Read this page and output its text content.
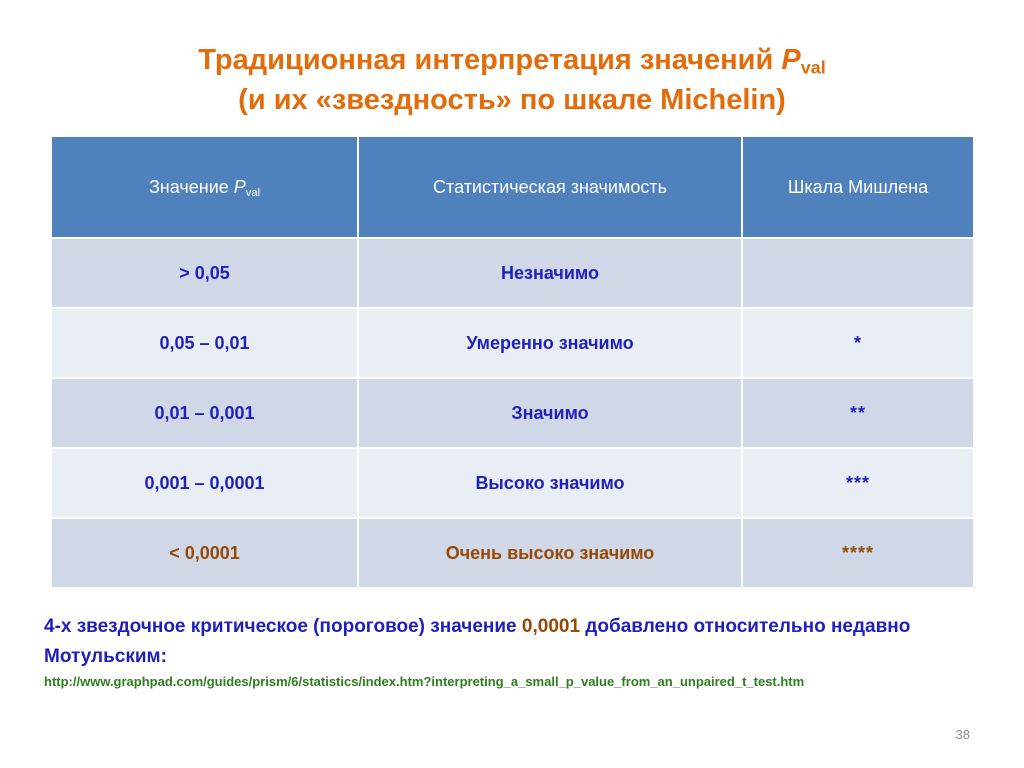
Традиционная интерпретация значений $P_{val}$
(и их «звездность» по шкале Michelin)
Значение $P_{val}$	Статистическая значимость	Шкала Мишлена
> 0,05	Незначимо	
0,05 – 0,01	Умеренно значимо	*
0,01 – 0,001	Значимо	**
0,001 – 0,0001	Высоко значимо	***
< 0,0001	Очень высоко значимо	****
4-х звездочное критическое (пороговое) значение 0,0001 добавлено относительно недавно Мотульским:
http://www.graphpad.com/guides/prism/6/statistics/index.htm?interpreting_a_small_p_value_from_an_unpaired_t_test.htm
38
